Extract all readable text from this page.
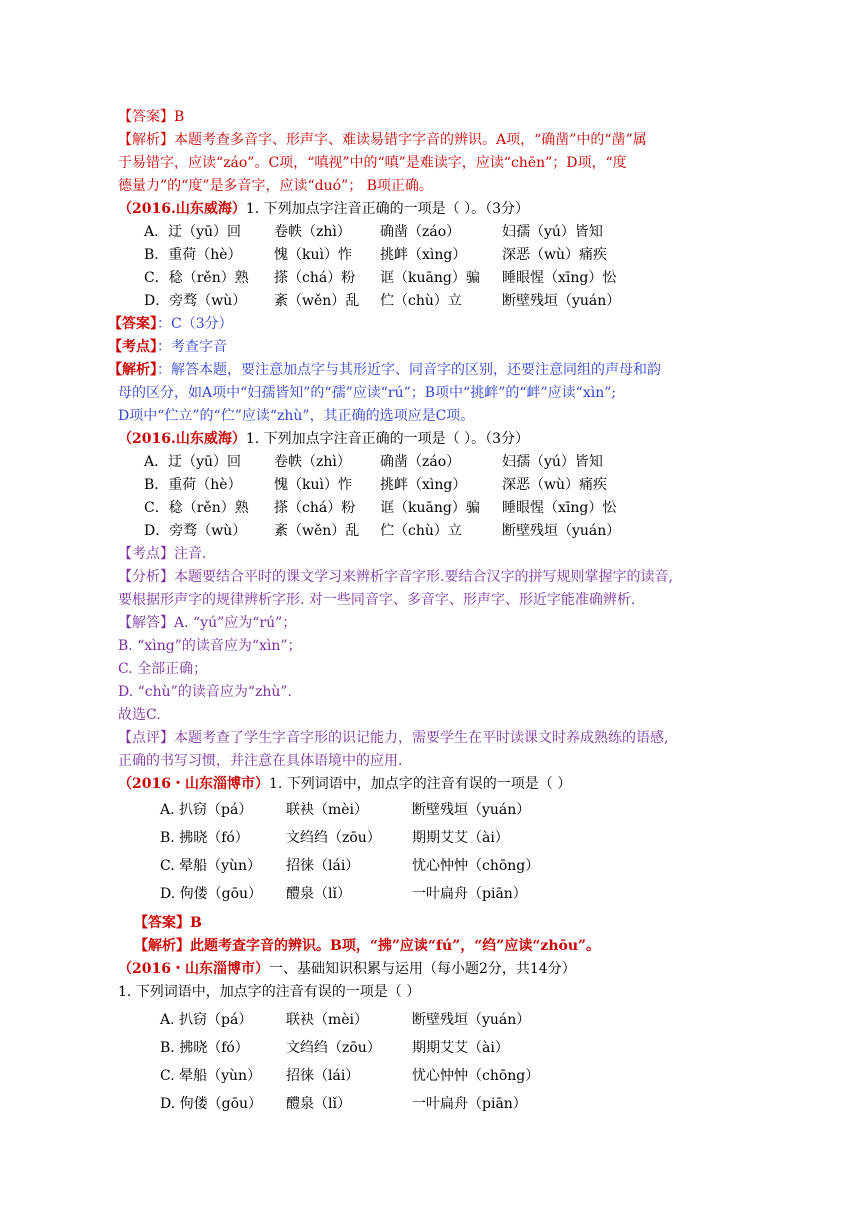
【答案】B
【解析】本题考查多音字、形声字、难读易错字字音的辨识。A项，“确凿”中的“凿”属
于易错字，应读“záo”。C项，“嗔视”中的“嗔”是难读字，应读“chēn”；D项，“度
德量力”的“度”是多音字，应读“duó”； B项正确。
（2016.山东威海）1. 下列加点字注音正确的一项是（ ）。（3分）
A．迂（yū）回 卷帙（zhì） 确凿（záo）	妇孺（yú）皆知
B．重荷（hè） 愧（kuì）怍 挑衅（xìng）	深恶（wù）痛疾
C．稔（rěn）熟 搽（chá）粉 诓（kuāng）骗 睡眼惺（xīng）忪
D．旁骛（wù） 紊（wěn）乱 伫（chù）立	断壁残垣（yuán）
【答案】：C（3分）
【考点】：考查字音
【解析】：解答本题，要注意加点字与其形近字、同音字的区别，还要注意同组的声母和韵
母的区分，如A项中“妇孺皆知”的“孺”应读“rú”；B项中“挑衅”的“衅”应读“xìn”;
D项中“伫立”的“伫”应读“zhù”，其正确的选项应是C项。
（2016.山东威海）1. 下列加点字注音正确的一项是（ ）。（3分）
A．迂（yū）回 卷帙（zhì） 确凿（záo）	妇孺（yú）皆知
B．重荷（hè） 愧（kuì）怍 挑衅（xìng）	深恶（wù）痛疾
C．稔（rěn）熟 搽（chá）粉 诓（kuāng）骗 睡眼惺（xīng）忪
D．旁骛（wù） 紊（wěn）乱 伫（chù）立	断壁残垣（yuán）
【考点】注音.
【分析】本题要结合平时的课文学习来辨析字音字形.要结合汉字的拼写规则掌握字的读音,
要根据形声字的规律辨析字形. 对一些同音字、多音字、形声字、形近字能准确辨析.
【解答】A. “yú”应为“rú”；
B. “xìng”的读音应为“xìn”；
C. 全部正确；
D. “chù”的读音应为“zhù”.
故选C.
【点评】本题考查了学生字音字形的识记能力，需要学生在平时读课文时养成熟练的语感,
正确的书写习惯，并注意在具体语境中的应用.
（2016・山东淄博市）1. 下列词语中，加点字的注音有误的一项是（ ）
A. 扒窃（pá） 联袂（mèi）	断壁残垣（yuán）
B. 拂晓（fó）	文绉绉（zōu） 期期艾艾（ài）
C. 晕船（yùn） 招徕（lái）	忧心忡忡（chōng）
D. 佝偻（gōu） 醴泉（lǐ）	一叶扁舟（piān）
【答案】B
【解析】此题考查字音的辨识。B项，“拂”应读“fú”，“绉”应读“zhōu”。
（2016・山东淄博市）一、基础知识积累与运用（每小题2分，共14分）
1. 下列词语中，加点字的注音有误的一项是（ ）
A. 扒窃（pá） 联袂（mèi）	断壁残垣（yuán）
B. 拂晓（fó）	文绉绉（zōu） 期期艾艾（ài）
C. 晕船（yùn） 招徕（lái）	忧心忡忡（chōng）
D. 佝偻（gōu） 醴泉（lǐ）	一叶扁舟（piān）
